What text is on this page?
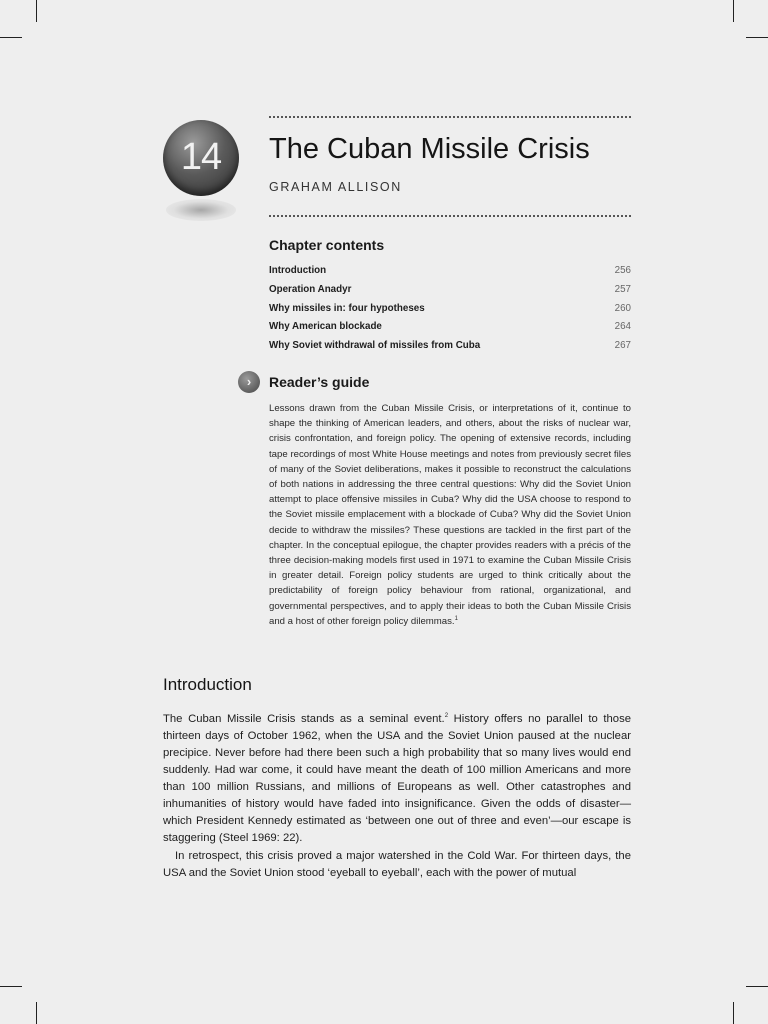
14	The Cuban Missile Crisis
GRAHAM ALLISON
Chapter contents
Introduction	256
Operation Anadyr	257
Why missiles in: four hypotheses	260
Why American blockade	264
Why Soviet withdrawal of missiles from Cuba	267
›	Reader’s guide

Lessons drawn from the Cuban Missile Crisis, or interpretations of it, continue to shape the thinking of American leaders, and others, about the risks of nuclear war, crisis confrontation, and foreign policy. The opening of extensive records, including tape recordings of most White House meetings and notes from previously secret files of many of the Soviet deliberations, makes it possible to reconstruct the calculations of both nations in addressing the three central questions: Why did the Soviet Union attempt to place offensive missiles in Cuba? Why did the USA choose to respond to the Soviet missile emplacement with a blockade of Cuba? Why did the Soviet Union decide to withdraw the missiles? These questions are tackled in the first part of the chapter. In the conceptual epilogue, the chapter provides readers with a précis of the three decision-making models first used in 1971 to examine the Cuban Missile Crisis in greater detail. Foreign policy students are urged to think critically about the predictability of foreign policy behaviour from rational, organizational, and governmental perspectives, and to apply their ideas to both the Cuban Missile Crisis and a host of other foreign policy dilemmas.$^1$

Introduction

The Cuban Missile Crisis stands as a seminal event.$^2$ History offers no parallel to those thirteen days of October 1962, when the USA and the Soviet Union paused at the nuclear precipice. Never before had there been such a high probability that so many lives would end suddenly. Had war come, it could have meant the death of 100 million Americans and more than 100 million Russians, and millions of Europeans as well. Other catastrophes and inhumanities of history would have faded into insignificance. Given the odds of disaster—which President Kennedy estimated as ‘between one out of three and even’—our escape is staggering (Steel 1969: 22).

In retrospect, this crisis proved a major watershed in the Cold War. For thirteen days, the USA and the Soviet Union stood ‘eyeball to eyeball’, each with the power of mutual
